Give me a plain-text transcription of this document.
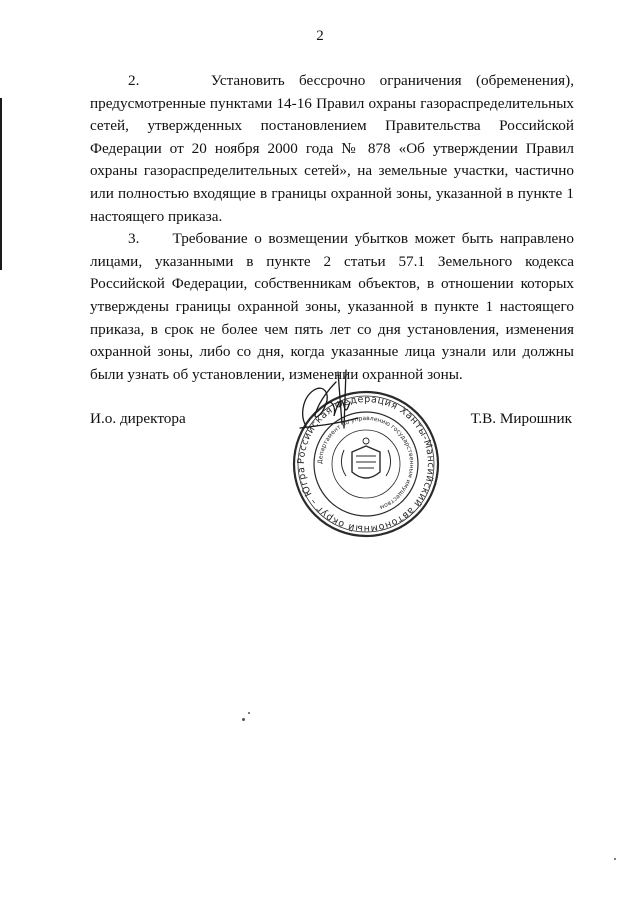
2

2.     Установить бессрочно ограничения (обременения), предусмотренные пунктами 14-16 Правил охраны газораспределительных сетей, утвержденных постановлением Правительства Российской Федерации от 20 ноября 2000 года № 878 «Об утверждении Правил охраны газораспределительных сетей», на земельные участки, частично или полностью входящие в границы охранной зоны, указанной в пункте 1 настоящего приказа.

3.     Требование о возмещении убытков может быть направлено лицами, указанными в пункте 2 статьи 57.1 Земельного кодекса Российской Федерации, собственникам объектов, в отношении которых утверждены границы охранной зоны, указанной в пункте 1 настоящего приказа, в срок не более чем пять лет со дня установления, изменения охранной зоны, либо со дня, когда указанные лица узнали или должны были узнать об установлении, изменении охранной зоны.

И.о. директора	Т.В. Мирошник
Российская Федерация Ханты-Мансийский автономный округ – Югра
Департамент по управлению государственным имуществом
